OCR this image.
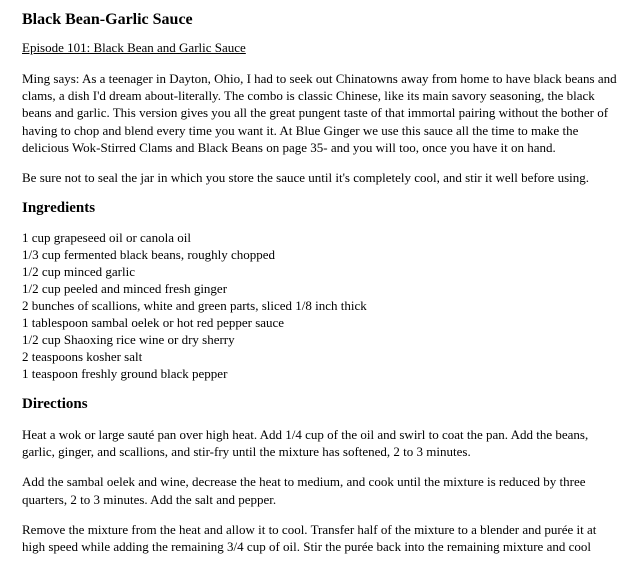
Black Bean-Garlic Sauce
Episode 101: Black Bean and Garlic Sauce

Ming says: As a teenager in Dayton, Ohio, I had to seek out Chinatowns away from home to have black beans and clams, a dish I'd dream about-literally. The combo is classic Chinese, like its main savory seasoning, the black beans and garlic. This version gives you all the great pungent taste of that immortal pairing without the bother of having to chop and blend every time you want it. At Blue Ginger we use this sauce all the time to make the delicious Wok-Stirred Clams and Black Beans on page 35- and you will too, once you have it on hand.

Be sure not to seal the jar in which you store the sauce until it's completely cool, and stir it well before using.

Ingredients
1 cup grapeseed oil or canola oil
1/3 cup fermented black beans, roughly chopped
1/2 cup minced garlic
1/2 cup peeled and minced fresh ginger
2 bunches of scallions, white and green parts, sliced 1/8 inch thick
1 tablespoon sambal oelek or hot red pepper sauce
1/2 cup Shaoxing rice wine or dry sherry
2 teaspoons kosher salt
1 teaspoon freshly ground black pepper
Directions

Heat a wok or large sauté pan over high heat. Add 1/4 cup of the oil and swirl to coat the pan. Add the beans, garlic, ginger, and scallions, and stir-fry until the mixture has softened, 2 to 3 minutes.

Add the sambal oelek and wine, decrease the heat to medium, and cook until the mixture is reduced by three quarters, 2 to 3 minutes. Add the salt and pepper.

Remove the mixture from the heat and allow it to cool. Transfer half of the mixture to a blender and purée it at high speed while adding the remaining 3/4 cup of oil. Stir the purée back into the remaining mixture and cool
